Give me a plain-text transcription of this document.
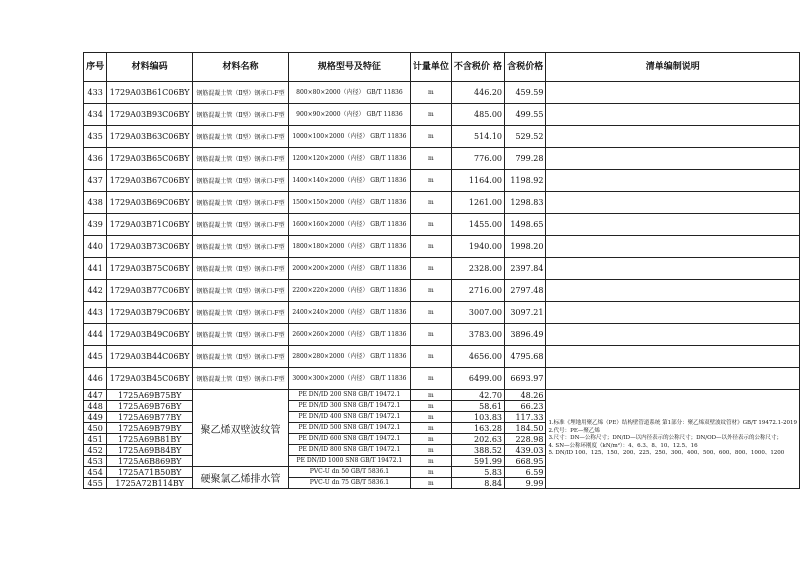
序号	材料编码	材料名称	规格型号及特征	计量单位	不含税价 格	含税价格	清单编制说明
433	1729A03B61C06BY	钢筋混凝土管（Ⅱ型）钢承口-F型	800×80×2000（内径） GB/T 11836	m	446.20	459.59	
434	1729A03B93C06BY	钢筋混凝土管（Ⅱ型）钢承口-F型	900×90×2000（内径） GB/T 11836	m	485.00	499.55	
435	1729A03B63C06BY	钢筋混凝土管（Ⅱ型）钢承口-F型	1000×100×2000（内径） GB/T 11836	m	514.10	529.52	
436	1729A03B65C06BY	钢筋混凝土管（Ⅱ型）钢承口-F型	1200×120×2000（内径） GB/T 11836	m	776.00	799.28	
437	1729A03B67C06BY	钢筋混凝土管（Ⅱ型）钢承口-F型	1400×140×2000（内径） GB/T 11836	m	1164.00	1198.92	
438	1729A03B69C06BY	钢筋混凝土管（Ⅱ型）钢承口-F型	1500×150×2000（内径） GB/T 11836	m	1261.00	1298.83	
439	1729A03B71C06BY	钢筋混凝土管（Ⅱ型）钢承口-F型	1600×160×2000（内径） GB/T 11836	m	1455.00	1498.65	
440	1729A03B73C06BY	钢筋混凝土管（Ⅱ型）钢承口-F型	1800×180×2000（内径） GB/T 11836	m	1940.00	1998.20	
441	1729A03B75C06BY	钢筋混凝土管（Ⅱ型）钢承口-F型	2000×200×2000（内径） GB/T 11836	m	2328.00	2397.84	
442	1729A03B77C06BY	钢筋混凝土管（Ⅱ型）钢承口-F型	2200×220×2000（内径） GB/T 11836	m	2716.00	2797.48	
443	1729A03B79C06BY	钢筋混凝土管（Ⅱ型）钢承口-F型	2400×240×2000（内径） GB/T 11836	m	3007.00	3097.21	
444	1729A03B49C06BY	钢筋混凝土管（Ⅱ型）钢承口-F型	2600×260×2000（内径） GB/T 11836	m	3783.00	3896.49	
445	1729A03B44C06BY	钢筋混凝土管（Ⅱ型）钢承口-F型	2800×280×2000（内径） GB/T 11836	m	4656.00	4795.68	
446	1729A03B45C06BY	钢筋混凝土管（Ⅱ型）钢承口-F型	3000×300×2000（内径） GB/T 11836	m	6499.00	6693.97	
447	1725A69B75BY	聚乙烯双壁波纹管	PE DN/ID 200 SN8 GB/T 19472.1	m	42.70	48.26	1.标准《埋地用聚乙烯（PE）结构壁管道系统 第1部分：聚乙烯双壁波纹管材》GB/T 19472.1-2019
2.代号：PE—聚乙烯
3.尺寸：DN—公称尺寸；DN/ID—以内径表示的公称尺寸；DN/OD—以外径表示的公称尺寸；
4. SN—公称环刚度（kN/m²）：4、6.3、8、10、12.5、16
5. DN/ID 100、125、150、200、225、250、300、400、500、600、800、1000、1200
448	1725A69B76BY		PE DN/ID 300 SN8 GB/T 19472.1	m	58.61	66.23	
449	1725A69B77BY		PE DN/ID 400 SN8 GB/T 19472.1	m	103.83	117.33	
450	1725A69B79BY		PE DN/ID 500 SN8 GB/T 19472.1	m	163.28	184.50	
451	1725A69B81BY		PE DN/ID 600 SN8 GB/T 19472.1	m	202.63	228.98	
452	1725A69B84BY		PE DN/ID 800 SN8 GB/T 19472.1	m	388.52	439.03	
453	1725A6B869BY		PE DN/ID 1000 SN8 GB/T 19472.1	m	591.99	668.95	
454	1725A71B50BY	硬聚氯乙烯排水管	PVC-U dn 50 GB/T 5836.1	m	5.83	6.59	
455	1725A72B114BY		PVC-U dn 75 GB/T 5836.1	m	8.84	9.99	
